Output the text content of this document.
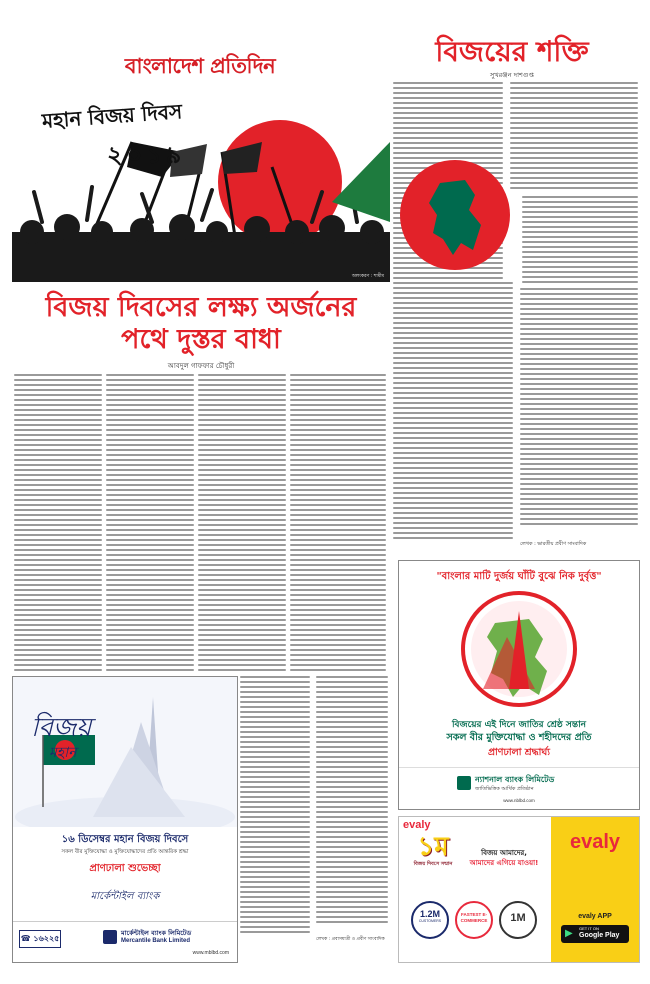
বাংলাদেশ প্রতিদিন
মহান বিজয় দিবস
২০১৯
অলংকরণ : শামীম
বিজয়ের শক্তি
সুখরঞ্জন দাশগুপ্ত
লেখক : ভারতীয় প্রবীণ সাংবাদিক
বিজয় দিবসের লক্ষ্য অর্জনের
পথে দুস্তর বাধা
আবদুল গাফফার চৌধুরী
লেখক : প্রবাসযাত্রী ও প্রবীণ সাংবাদিক
বিজয়
মহান
১৬ ডিসেম্বর মহান বিজয় দিবসে
সকল বীর মুক্তিযোদ্ধা ও মুক্তিযোদ্ধাদের প্রতি আন্তরিক শ্রদ্ধা
প্রাণঢালা শুভেচ্ছা
মার্কেন্টাইল ব্যাংক
☎ ১৬২২৫
মার্কেন্টাইল ব্যাংক লিমিটেড
Mercantile Bank Limited
www.mblbd.com
"বাংলার মাটি দুর্জয় ঘাঁটি বুঝে নিক দুর্বৃত্ত"
বিজয়ের এই দিনে জাতির শ্রেষ্ঠ সন্তান
সকল বীর মুক্তিযোদ্ধা ও শহীদদের প্রতি
প্রাণঢালা শ্রদ্ধার্ঘ্য
ন্যাশনাল ব্যাংক লিমিটেড
জাতিভিত্তিক আর্থিক প্রতিষ্ঠান
www.nblbd.com
evaly
১ম
বিজয় দিবসে সন্মান
বিজয় আমাদের,
আমাদের এগিয়ে যাওয়া!
evaly
evaly APP
▶ GET IT ON
Google Play
1.2M
CUSTOMERS
FASTEST E-COMMERCE	1M
